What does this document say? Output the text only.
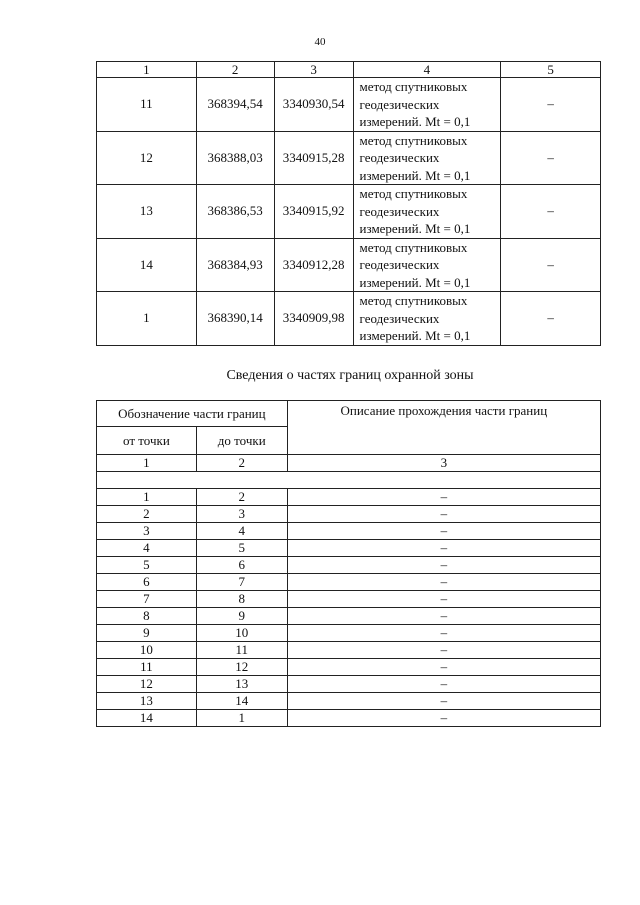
40
1	2	3	4	5
11	368394,54	3340930,54	метод спутниковых
геодезических
измерений. Mt = 0,1	–
12	368388,03	3340915,28	метод спутниковых
геодезических
измерений. Mt = 0,1	–
13	368386,53	3340915,92	метод спутниковых
геодезических
измерений. Mt = 0,1	–
14	368384,93	3340912,28	метод спутниковых
геодезических
измерений. Mt = 0,1	–
1	368390,14	3340909,98	метод спутниковых
геодезических
измерений. Mt = 0,1	–
Сведения о частях границ охранной зоны
Обозначение части границ		Описание прохождения части границ
от точки	до точки	
1	2	3

1	2	–
2	3	–
3	4	–
4	5	–
5	6	–
6	7	–
7	8	–
8	9	–
9	10	–
10	11	–
11	12	–
12	13	–
13	14	–
14	1	–
